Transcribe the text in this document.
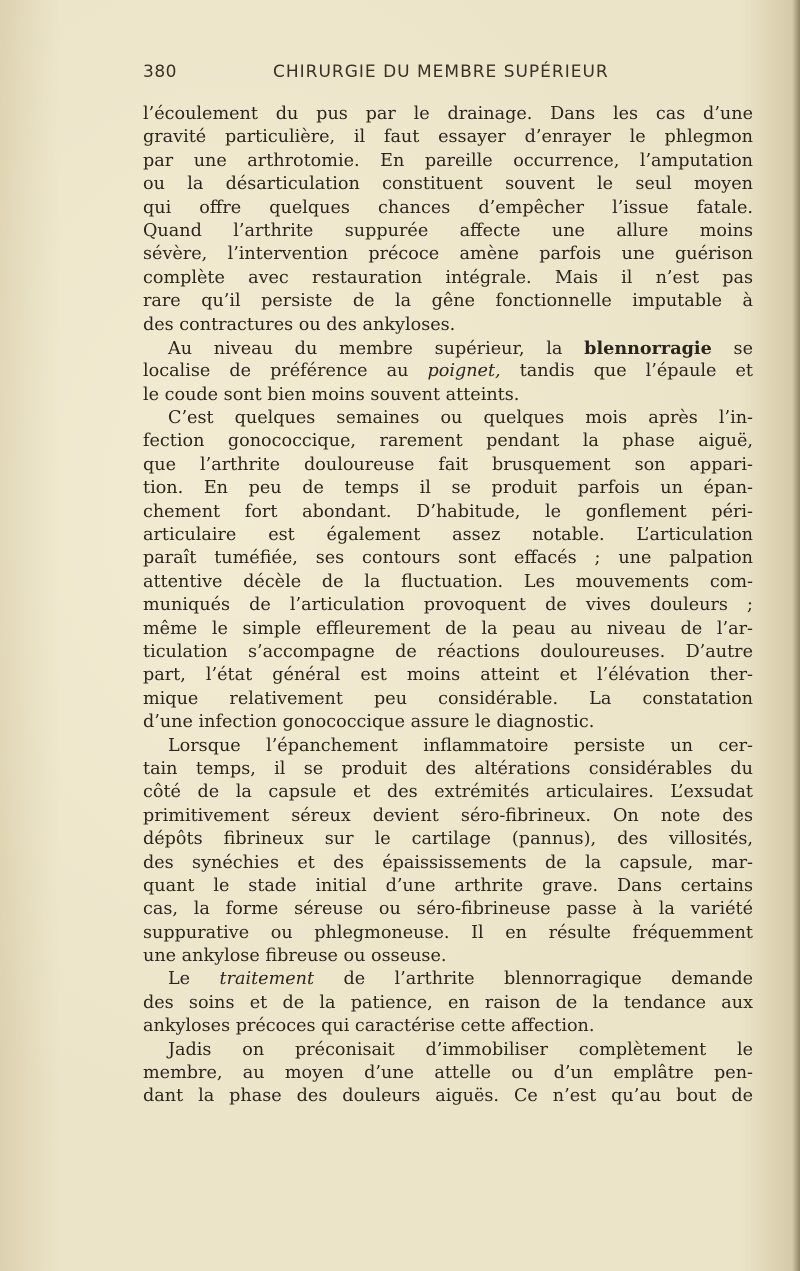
380	CHIRURGIE DU MEMBRE SUPÉRIEUR
l’écoulement du pus par le drainage. Dans les cas d’une
gravité particulière, il faut essayer d’enrayer le phlegmon
par une arthrotomie. En pareille occurrence, l’amputation
ou la désarticulation constituent souvent le seul moyen
qui offre quelques chances d’empêcher l’issue fatale.
Quand l’arthrite suppurée affecte une allure moins
sévère, l’intervention précoce amène parfois une guérison
complète avec restauration intégrale. Mais il n’est pas
rare qu’il persiste de la gêne fonctionnelle imputable à
des contractures ou des ankyloses.
Au niveau du membre supérieur, la blennorragie se
localise de préférence au poignet, tandis que l’épaule et
le coude sont bien moins souvent atteints.
C’est quelques semaines ou quelques mois après l’in-
fection gonococcique, rarement pendant la phase aiguë,
que l’arthrite douloureuse fait brusquement son appari-
tion. En peu de temps il se produit parfois un épan-
chement fort abondant. D’habitude, le gonflement péri-
articulaire est également assez notable. L’articulation
paraît tuméfiée, ses contours sont effacés ; une palpation
attentive décèle de la fluctuation. Les mouvements com-
muniqués de l’articulation provoquent de vives douleurs ;
même le simple effleurement de la peau au niveau de l’ar-
ticulation s’accompagne de réactions douloureuses. D’autre
part, l’état général est moins atteint et l’élévation ther-
mique relativement peu considérable. La constatation
d’une infection gonococcique assure le diagnostic.
Lorsque l’épanchement inflammatoire persiste un cer-
tain temps, il se produit des altérations considérables du
côté de la capsule et des extrémités articulaires. L’exsudat
primitivement séreux devient séro-fibrineux. On note des
dépôts fibrineux sur le cartilage (pannus), des villosités,
des synéchies et des épaississements de la capsule, mar-
quant le stade initial d’une arthrite grave. Dans certains
cas, la forme séreuse ou séro-fibrineuse passe à la variété
suppurative ou phlegmoneuse. Il en résulte fréquemment
une ankylose fibreuse ou osseuse.
Le traitement de l’arthrite blennorragique demande
des soins et de la patience, en raison de la tendance aux
ankyloses précoces qui caractérise cette affection.
Jadis on préconisait d’immobiliser complètement le
membre, au moyen d’une attelle ou d’un emplâtre pen-
dant la phase des douleurs aiguës. Ce n’est qu’au bout de
